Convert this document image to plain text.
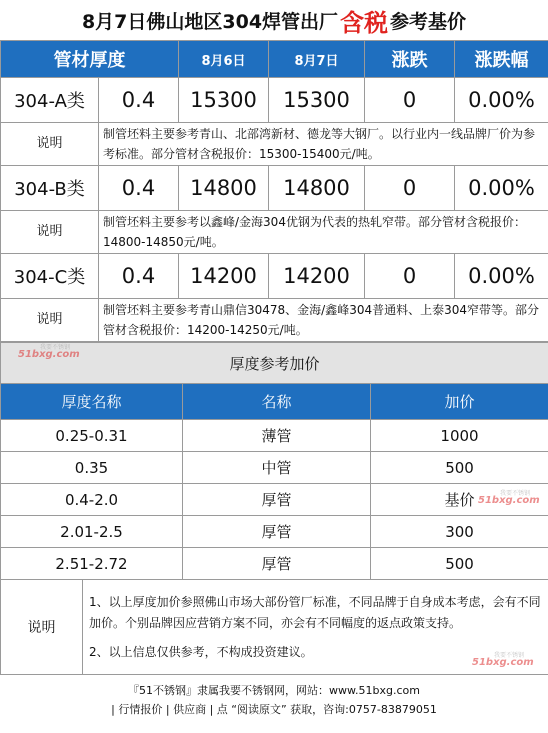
8月7日佛山地区304焊管出厂 含税 参考基价
管材厚度		8月6日	8月7日	涨跌	涨跌幅
304-A类	0.4	15300	15300	0	0.00%
说明	制管坯料主要参考青山、北部湾新材、德龙等大钢厂。以行业内一线品牌厂价为参考标准。部分管材含税报价：15300-15400元/吨。				
304-B类	0.4	14800	14800	0	0.00%
说明	制管坯料主要参考以鑫峰/金海304优钢为代表的热轧窄带。部分管材含税报价：14800-14850元/吨。				
304-C类	0.4	14200	14200	0	0.00%
说明	制管坯料主要参考青山鼎信30478、金海/鑫峰304普通料、上泰304窄带等。部分管材含税报价：14200-14250元/吨。				
厚度参考加价			
厚度名称		名称	加价
0.25-0.31		薄管	1000
0.35		中管	500
0.4-2.0		厚管	基价
2.01-2.5		厚管	300
2.51-2.72		厚管	500
说明	1、以上厚度加价参照佛山市场大部份管厂标准，不同品牌于自身成本考虑，会有不同加价。个别品牌因应营销方案不同，亦会有不同幅度的返点政策支持。
2、以上信息仅供参考，不构成投资建议。		
『51不锈钢』隶属我要不锈钢网，网站：www.51bxg.com
| 行情报价 | 供应商 | 点 “阅读原文” 获取，咨询:0757-83879051
我要不锈钢
51bxg.com
我要不锈钢
51bxg.com
我要不锈钢
51bxg.com
